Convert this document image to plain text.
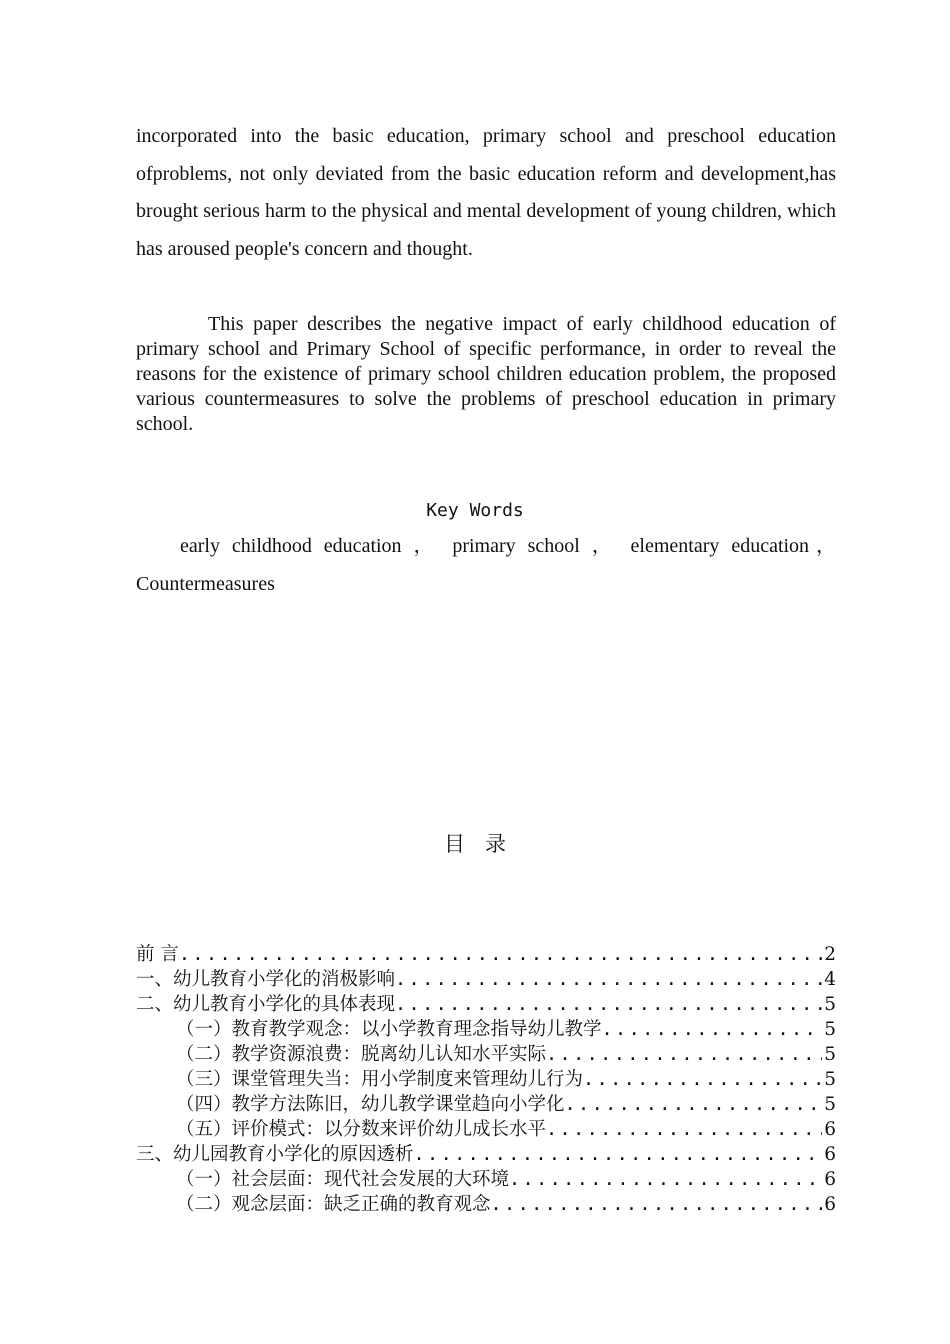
incorporated into the basic education, primary school and preschool education ofproblems, not only deviated from the basic education reform and development,has brought serious harm to the physical and mental development of young children, which has aroused people's concern and thought.

This paper describes the negative impact of early childhood education of primary school and Primary School of specific performance, in order to reveal the reasons for the existence of primary school children education problem, the proposed various countermeasures to solve the problems of preschool education in primary school.

Key Words

early childhood education ， primary school ， elementary education，Countermeasures

目录

前 言 .....	2
一、幼儿教育小学化的消极影响 .....	4
二、幼儿教育小学化的具体表现 .....	5
（一）教育教学观念：以小学教育理念指导幼儿教学 .....	5
（二）教学资源浪费：脱离幼儿认知水平实际 .....	5
（三）课堂管理失当：用小学制度来管理幼儿行为 .....	5
（四）教学方法陈旧，幼儿教学课堂趋向小学化 .....	5
（五）评价模式：以分数来评价幼儿成长水平 .....	6
三、幼儿园教育小学化的原因透析 .....	6
（一）社会层面：现代社会发展的大环境 .....	6
（二）观念层面：缺乏正确的教育观念 .....	6
